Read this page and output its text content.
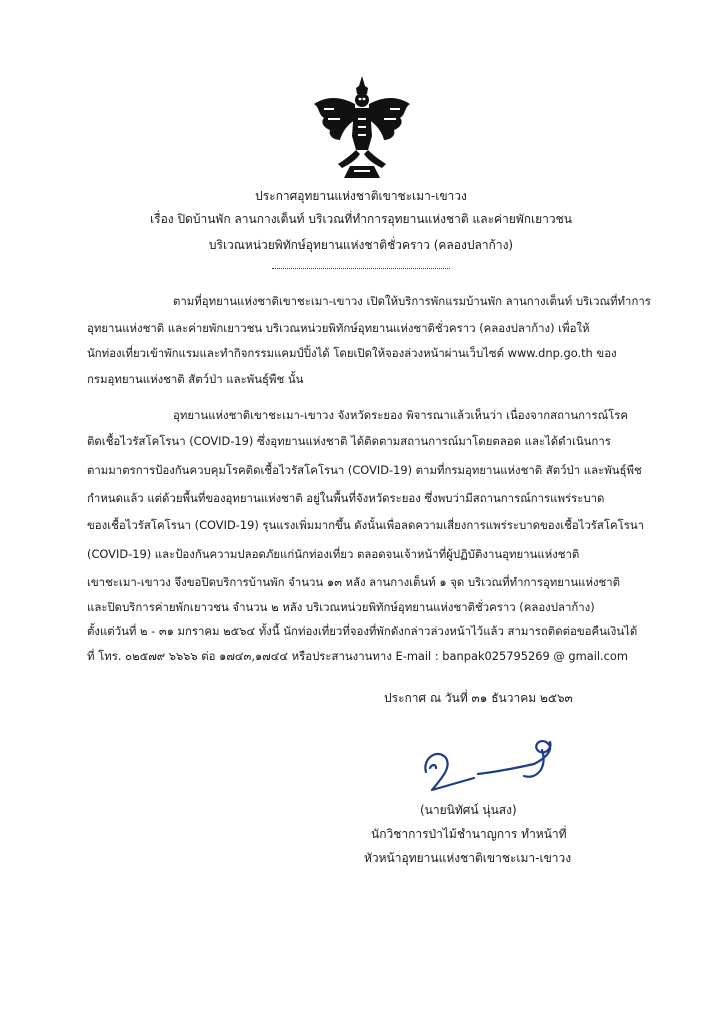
ประกาศอุทยานแห่งชาติเขาชะเมา-เขาวง
เรื่อง ปิดบ้านพัก ลานกางเต็นท์ บริเวณที่ทำการอุทยานแห่งชาติ และค่ายพักเยาวชน
บริเวณหน่วยพิทักษ์อุทยานแห่งชาติชั่วคราว (คลองปลาก้าง)
ตามที่อุทยานแห่งชาติเขาชะเมา-เขาวง เปิดให้บริการพักแรมบ้านพัก ลานกางเต็นท์ บริเวณที่ทำการ
อุทยานแห่งชาติ และค่ายพักเยาวชน บริเวณหน่วยพิทักษ์อุทยานแห่งชาติชั่วคราว (คลองปลาก้าง) เพื่อให้
นักท่องเที่ยวเข้าพักแรมและทำกิจกรรมแคมป์ปิ้งได้ โดยเปิดให้จองล่วงหน้าผ่านเว็บไซต์ www.dnp.go.th ของ
กรมอุทยานแห่งชาติ สัตว์ป่า และพันธุ์พืช นั้น
อุทยานแห่งชาติเขาชะเมา-เขาวง จังหวัดระยอง พิจารณาแล้วเห็นว่า เนื่องจากสถานการณ์โรค
ติดเชื้อไวรัสโคโรนา (COVID-19) ซึ่งอุทยานแห่งชาติ ได้ติดตามสถานการณ์มาโดยตลอด และได้ดำเนินการ
ตามมาตรการป้องกันควบคุมโรคติดเชื้อไวรัสโคโรนา (COVID-19) ตามที่กรมอุทยานแห่งชาติ สัตว์ป่า และพันธุ์พืช
กำหนดแล้ว แต่ด้วยพื้นที่ของอุทยานแห่งชาติ อยู่ในพื้นที่จังหวัดระยอง ซึ่งพบว่ามีสถานการณ์การแพร่ระบาด
ของเชื้อไวรัสโคโรนา (COVID-19) รุนแรงเพิ่มมากขึ้น ดังนั้นเพื่อลดความเสี่ยงการแพร่ระบาดของเชื้อไวรัสโคโรนา
(COVID-19) และป้องกันความปลอดภัยแก่นักท่องเที่ยว ตลอดจนเจ้าหน้าที่ผู้ปฏิบัติงานอุทยานแห่งชาติ
เขาชะเมา-เขาวง จึงขอปิดบริการบ้านพัก จำนวน ๑๓ หลัง ลานกางเต็นท์ ๑ จุด บริเวณที่ทำการอุทยานแห่งชาติ
และปิดบริการค่ายพักเยาวชน จำนวน ๒ หลัง บริเวณหน่วยพิทักษ์อุทยานแห่งชาติชั่วคราว (คลองปลาก้าง)
ตั้งแต่วันที่ ๒ - ๓๑ มกราคม ๒๕๖๔ ทั้งนี้ นักท่องเที่ยวที่จองที่พักดังกล่าวล่วงหน้าไว้แล้ว สามารถติดต่อขอคืนเงินได้
ที่ โทร. ๐๒๕๗๙ ๖๖๖๖ ต่อ ๑๗๔๓,๑๗๔๔ หรือประสานงานทาง E-mail : banpak025795269 @ gmail.com
ประกาศ ณ วันที่ ๓๑ ธันวาคม ๒๕๖๓
(นายนิทัศน์ นุ่นสง)
นักวิชาการป่าไม้ชำนาญการ ทำหน้าที่
หัวหน้าอุทยานแห่งชาติเขาชะเมา-เขาวง
